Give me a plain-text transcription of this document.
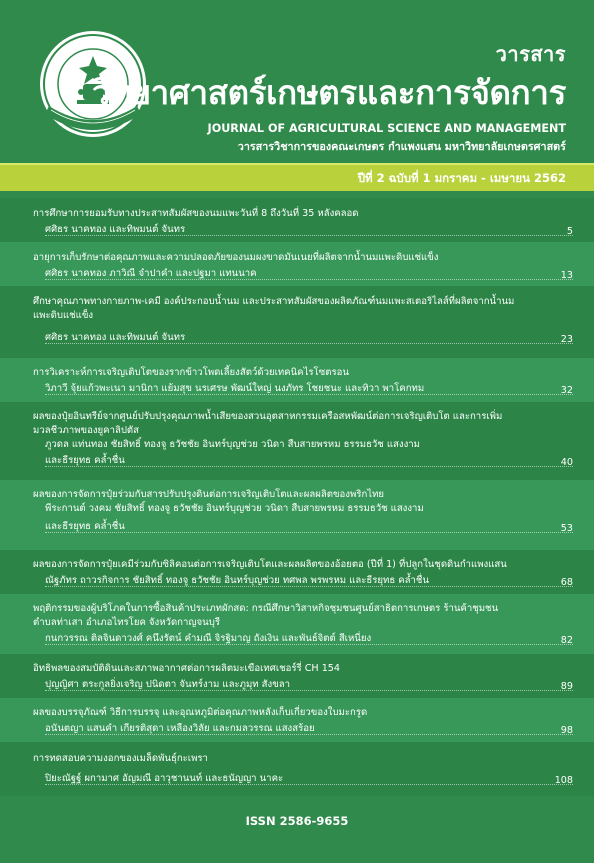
วารสาร
วิทยาศาสตร์เกษตรและการจัดการ
JOURNAL OF AGRICULTURAL SCIENCE AND MANAGEMENT
วารสารวิชาการของคณะเกษตร กำแพงแสน มหาวิทยาลัยเกษตรศาสตร์
ปีที่ 2 ฉบับที่ 1 มกราคม - เมษายน 2562
การศึกษาการยอมรับทางประสาทสัมผัสของนมแพะวันที่ 8 ถึงวันที่ 35 หลังคลอด
ศศิธร นาคทอง และทิพมนต์ จันทร	5
อายุการเก็บรักษาต่อคุณภาพและความปลอดภัยของนมผงขาดมันเนยที่ผลิตจากน้ำนมแพะดิบแช่แข็ง
ศศิธร นาคทอง ภาวิณี จำปาคำ และปฐมา แทนนาค	13
ศึกษาคุณภาพทางกายภาพ-เคมี องค์ประกอบน้ำนม และประสาทสัมผัสของผลิตภัณฑ์นมแพะสเตอริไลส์ที่ผลิตจากน้ำนม
แพะดิบแช่แข็ง
ศศิธร นาคทอง และทิพมนต์ จันทร	23
การวิเคราะห์การเจริญเติบโตของรากข้าวโพดเลี้ยงสัตว์ด้วยเทคนิคไรโซตรอน
วิภาวี จุ้ยแก้วพะเนา มานิกา แย้มสุข นรเศรษ พัฒน์ใหญ่ นงภัทร โชยชนะ และทิวา พาโคกทม	32
ผลของปุ๋ยอินทรีย์จากศูนย์ปรับปรุงคุณภาพน้ำเสียของสวนอุตสาหกรรมเครือสหพัฒน์ต่อการเจริญเติบโต และการเพิ่ม
มวลชีวภาพของยูคาลิปตัส
ภูวดล แท่นทอง ชัยสิทธิ์ ทองจู ธวัชชัย อินทร์บุญช่วย วนิดา สืบสายพรหม ธรรมธวัช แสงงาม
และธีรยุทธ คล้ำชื่น	40
ผลของการจัดการปุ๋ยร่วมกับสารปรับปรุงดินต่อการเจริญเติบโตและผลผลิตของพริกไทย
พีระกานต์ วงคม ชัยสิทธิ์ ทองจู ธวัชชัย อินทร์บุญช่วย วนิดา สืบสายพรหม ธรรมธวัช แสงงาม
และธีรยุทธ คล้ำชื่น	53
ผลของการจัดการปุ๋ยเคมีร่วมกับซิลิคอนต่อการเจริญเติบโตและผลผลิตของอ้อยตอ (ปีที่ 1) ที่ปลูกในชุดดินกำแพงแสน
ณัฐภัทร ถาวรกิจการ ชัยสิทธิ์ ทองจู ธวัชชัย อินทร์บุญช่วย ทศพล พรพรหม และธีรยุทธ คล้ำชื่น	68
พฤติกรรมของผู้บริโภคในการซื้อสินค้าประเภทผักสด: กรณีศึกษาวิสาหกิจชุมชนศูนย์สาธิตการเกษตร ร้านค้าชุมชน
ตำบลท่าเสา อำเภอไทรโยค จังหวัดกาญจนบุรี
กนกวรรณ ติลจินดาวงศ์ คนึงรัตน์ คำมณี จิรฐิมาญ ถังเงิน และพันธ์จิตต์ สีเหนี่ยง	82
อิทธิพลของสมบัติดินและสภาพอากาศต่อการผลิตมะเขือเทศเชอร์รี่ CH 154
ปุญญิศา ตระกูลยิ่งเจริญ ปนิดตา จันทร์งาม และภูมุท สังขลา	89
ผลของบรรจุภัณฑ์ วิธีการบรรจุ และอุณหภูมิต่อคุณภาพหลังเก็บเกี่ยวของใบมะกรูด
อนันตญา แสนคำ เกียรติสุดา เหลืองวิลัย และกมลวรรณ แสงสร้อย	98
การทดสอบความงอกของเมล็ดพันธุ์กะเพรา
ปิยะณัฐฐ์ ผกามาศ อัญมณี อาวุชานนท์ และธนัญญา นาคะ	108
ISSN 2586-9655
